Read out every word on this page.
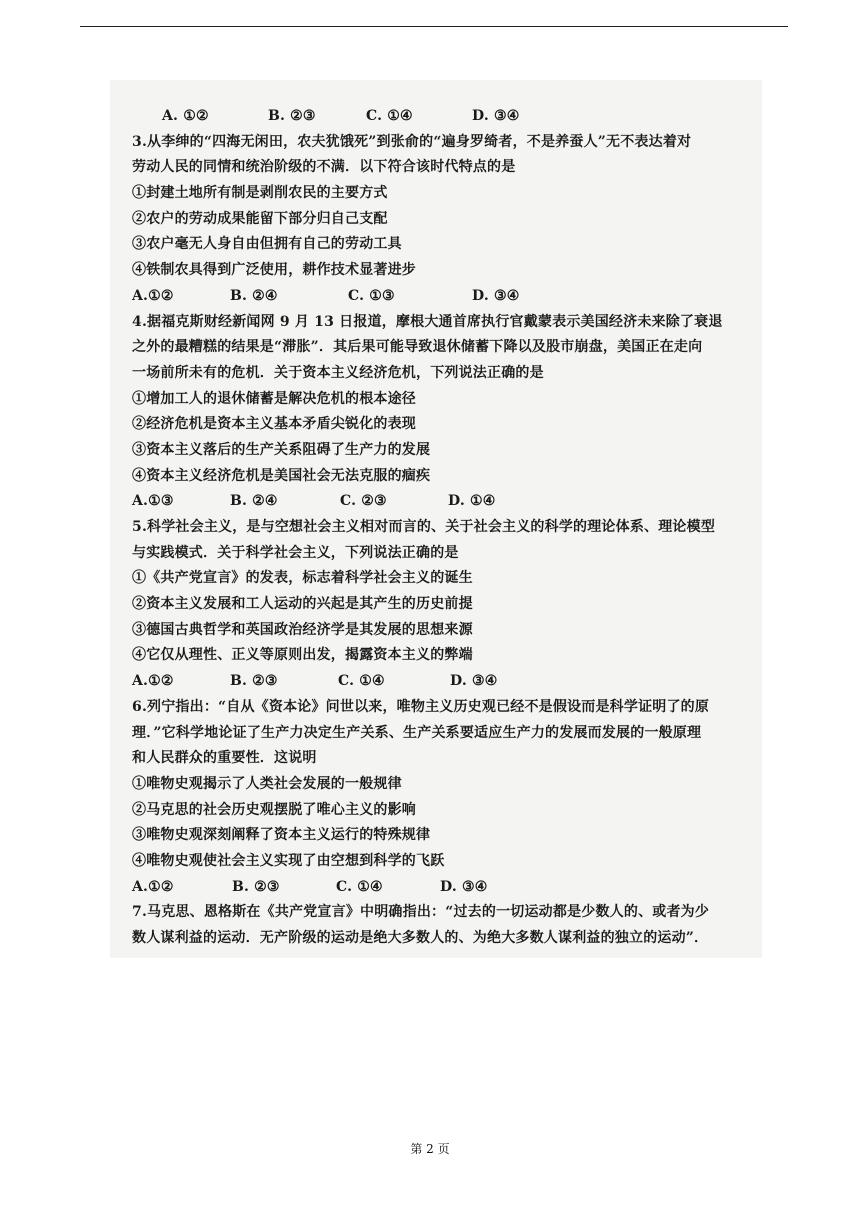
A. ①②	B. ②③	C. ①④	D. ③④
3.从李绅的“四海无闲田，农夫犹饿死”到张俞的“遍身罗绮者，不是养蚕人”无不表达着对
劳动人民的同情和统治阶级的不满．以下符合该时代特点的是
①封建土地所有制是剥削农民的主要方式
②农户的劳动成果能留下部分归自己支配
③农户毫无人身自由但拥有自己的劳动工具
④铁制农具得到广泛使用，耕作技术显著进步
A.①②	B. ②④	C. ①③	D. ③④
4.据福克斯财经新闻网 9 月 13 日报道，摩根大通首席执行官戴蒙表示美国经济未来除了衰退
之外的最糟糕的结果是“滞胀”．其后果可能导致退休储蓄下降以及股市崩盘，美国正在走向
一场前所未有的危机．关于资本主义经济危机，下列说法正确的是
①增加工人的退休储蓄是解决危机的根本途径
②经济危机是资本主义基本矛盾尖锐化的表现
③资本主义落后的生产关系阻碍了生产力的发展
④资本主义经济危机是美国社会无法克服的痼疾
A.①③	B. ②④	C. ②③	D. ①④
5.科学社会主义，是与空想社会主义相对而言的、关于社会主义的科学的理论体系、理论模型
与实践模式．关于科学社会主义，下列说法正确的是
①《共产党宣言》的发表，标志着科学社会主义的诞生
②资本主义发展和工人运动的兴起是其产生的历史前提
③德国古典哲学和英国政治经济学是其发展的思想来源
④它仅从理性、正义等原则出发，揭露资本主义的弊端
A.①②	B. ②③	C. ①④	D. ③④
6.列宁指出：“自从《资本论》问世以来，唯物主义历史观已经不是假设而是科学证明了的原
理．”它科学地论证了生产力决定生产关系、生产关系要适应生产力的发展而发展的一般原理
和人民群众的重要性．这说明
①唯物史观揭示了人类社会发展的一般规律
②马克思的社会历史观摆脱了唯心主义的影响
③唯物史观深刻阐释了资本主义运行的特殊规律
④唯物史观使社会主义实现了由空想到科学的飞跃
A.①②	B. ②③	C. ①④	D. ③④
7.马克思、恩格斯在《共产党宣言》中明确指出：“过去的一切运动都是少数人的、或者为少
数人谋利益的运动．无产阶级的运动是绝大多数人的、为绝大多数人谋利益的独立的运动”．
第 2 页
